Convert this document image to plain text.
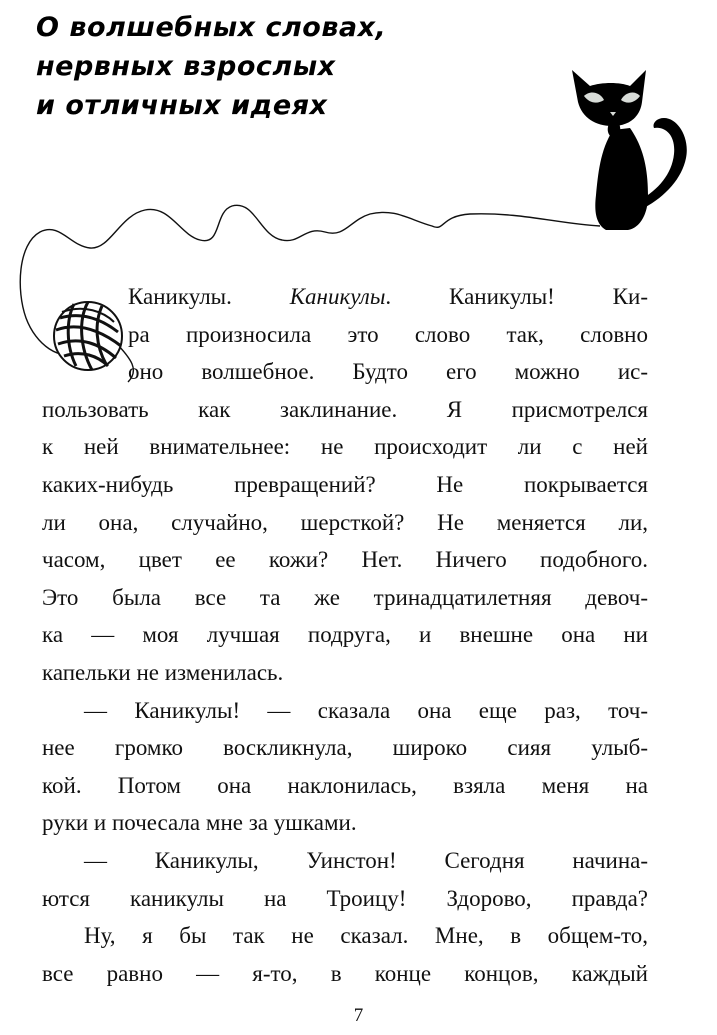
О волшебных словах,
нервных взрослых
и отличных идеях
Каникулы. Каникулы. Каникулы! Ки-
ра произносила это слово так, словно
оно волшебное. Будто его можно ис-
пользовать как заклинание. Я присмотрелся
к ней внимательнее: не происходит ли с ней
каких-нибудь превращений? Не покрывается
ли она, случайно, шерсткой? Не меняется ли,
часом, цвет ее кожи? Нет. Ничего подобного.
Это была все та же тринадцатилетняя девоч-
ка — моя лучшая подруга, и внешне она ни
капельки не изменилась.
— Каникулы! — сказала она еще раз, точ-
нее громко воскликнула, широко сияя улыб-
кой. Потом она наклонилась, взяла меня на
руки и почесала мне за ушками.
— Каникулы, Уинстон! Сегодня начина-
ются каникулы на Троицу! Здорово, правда?
Ну, я бы так не сказал. Мне, в общем-то,
все равно — я-то, в конце концов, каждый
7
